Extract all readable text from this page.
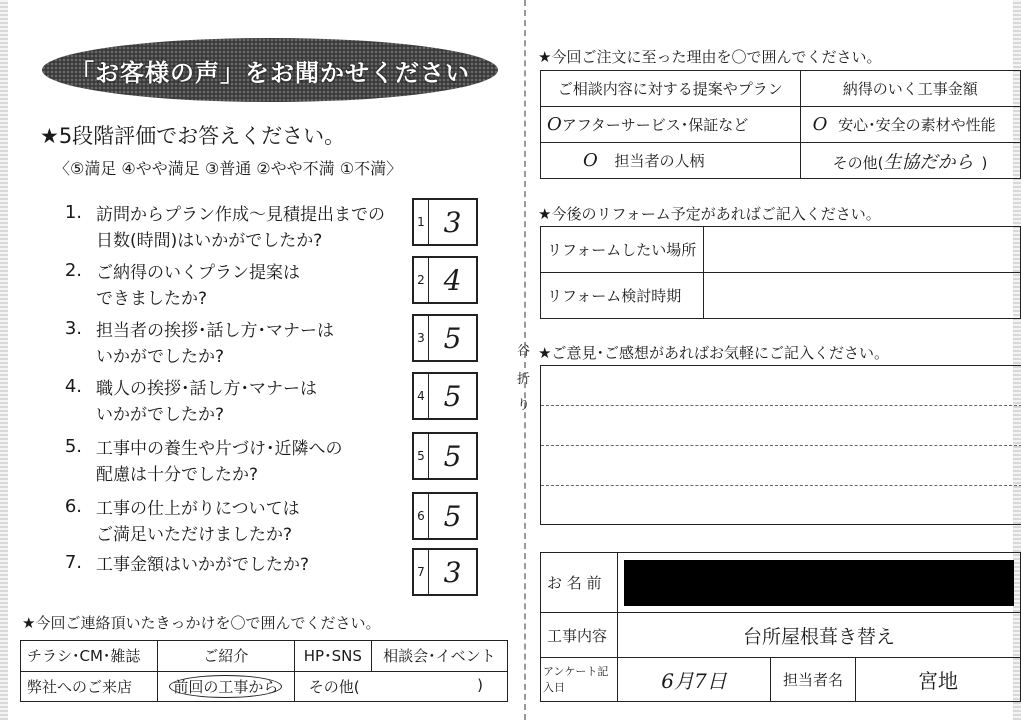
谷
折
り
「お客様の声」をお聞かせください
★5段階評価でお答えください。
〈⑤満足 ④やや満足 ③普通 ②やや不満 ①不満〉
1. 訪問からプラン作成～見積提出までの
日数(時間)はいかがでしたか?
1 3
2. ご納得のいくプラン提案は
できましたか?
2 4
3. 担当者の挨拶･話し方･マナーは
いかがでしたか?
3 5
4. 職人の挨拶･話し方･マナーは
いかがでしたか?
4 5
5. 工事中の養生や片づけ･近隣への
配慮は十分でしたか?
5 5
6. 工事の仕上がりについては
ご満足いただけましたか?
6 5
7. 工事金額はいかがでしたか?	7 3
★今回ご連絡頂いたきっかけを〇で囲んでください。
チラシ･CM･雑誌	ご紹介	HP･SNS	相談会･イベント
弊社へのご来店	前回の工事から	その他( )	
★今回ご注文に至った理由を〇で囲んでください。
ご相談内容に対する提案やプラン	納得のいく工事金額
Oアフターサービス･保証など	O 安心･安全の素材や性能
O 担当者の人柄	その他(生協だから )
★今後のリフォーム予定があればご記入ください。
リフォームしたい場所	
リフォーム検討時期	
★ご意見･ご感想があればお気軽にご記入ください。
お 名 前			

工事内容	台所屋根葺き替え		
アンケート記入日	6月7日	担当者名	宮地
